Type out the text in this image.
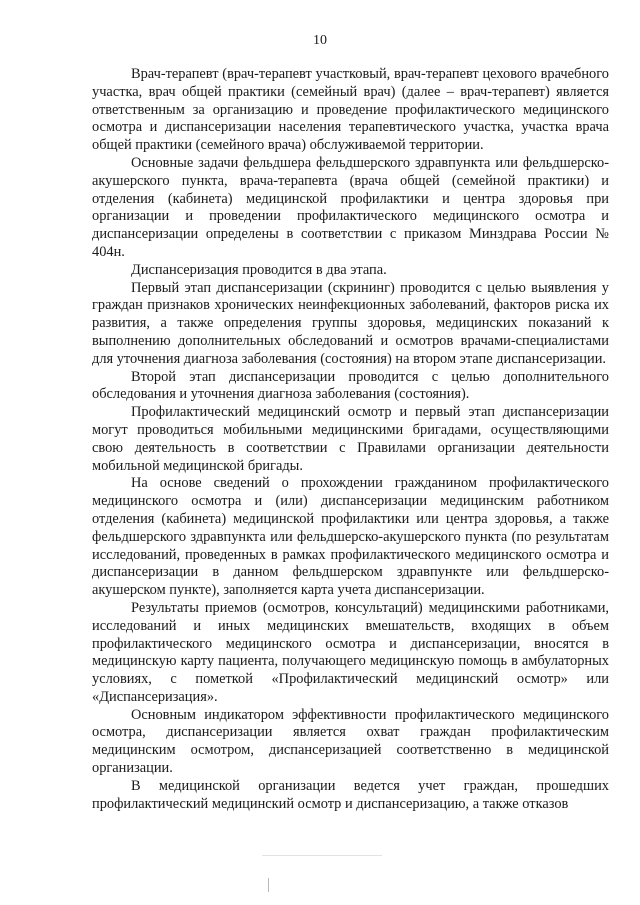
10

Врач-терапевт (врач-терапевт участковый, врач-терапевт цехового врачебного участка, врач общей практики (семейный врач) (далее – врач-терапевт) является ответственным за организацию и проведение профилактического медицинского осмотра и диспансеризации населения терапевтического участка, участка врача общей практики (семейного врача) обслуживаемой территории.

Основные задачи фельдшера фельдшерского здравпункта или фельдшерско-акушерского пункта, врача-терапевта (врача общей (семейной практики) и отделения (кабинета) медицинской профилактики и центра здоровья при организации и проведении профилактического медицинского осмотра и диспансеризации определены в соответствии с приказом Минздрава России № 404н.

Диспансеризация проводится в два этапа.

Первый этап диспансеризации (скрининг) проводится с целью выявления у граждан признаков хронических неинфекционных заболеваний, факторов риска их развития, а также определения группы здоровья, медицинских показаний к выполнению дополнительных обследований и осмотров врачами-специалистами для уточнения диагноза заболевания (состояния) на втором этапе диспансеризации.

Второй этап диспансеризации проводится с целью дополнительного обследования и уточнения диагноза заболевания (состояния).

Профилактический медицинский осмотр и первый этап диспансеризации могут проводиться мобильными медицинскими бригадами, осуществляющими свою деятельность в соответствии с Правилами организации деятельности мобильной медицинской бригады.

На основе сведений о прохождении гражданином профилактического медицинского осмотра и (или) диспансеризации медицинским работником отделения (кабинета) медицинской профилактики или центра здоровья, а также фельдшерского здравпункта или фельдшерско-акушерского пункта (по результатам исследований, проведенных в рамках профилактического медицинского осмотра и диспансеризации в данном фельдшерском здравпункте или фельдшерско-акушерском пункте), заполняется карта учета диспансеризации.

Результаты приемов (осмотров, консультаций) медицинскими работниками, исследований и иных медицинских вмешательств, входящих в объем профилактического медицинского осмотра и диспансеризации, вносятся в медицинскую карту пациента, получающего медицинскую помощь в амбулаторных условиях, с пометкой «Профилактический медицинский осмотр» или «Диспансеризация».

Основным индикатором эффективности профилактического медицинского осмотра, диспансеризации является охват граждан профилактическим медицинским осмотром, диспансеризацией соответственно в медицинской организации.

В медицинской организации ведется учет граждан, прошедших профилактический медицинский осмотр и диспансеризацию, а также отказов
